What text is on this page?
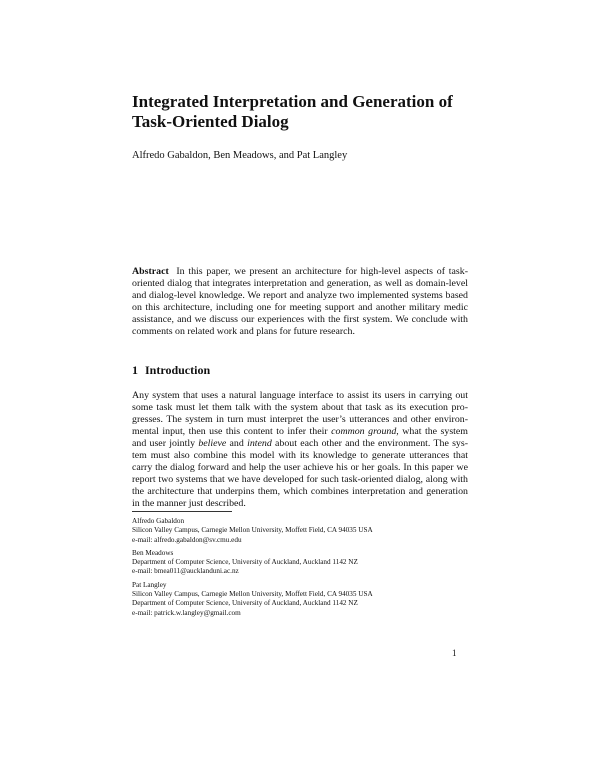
Integrated Interpretation and Generation of
Task-Oriented Dialog

Alfredo Gabaldon, Ben Meadows, and Pat Langley

Abstract In this paper, we present an architecture for high-level aspects of task-oriented dialog that integrates interpretation and generation, as well as domain-level and dialog-level knowledge. We report and analyze two implemented systems based on this architecture, including one for meeting support and another military medic assistance, and we discuss our experiences with the first system. We conclude with comments on related work and plans for future research.

1 Introduction
Any system that uses a natural language interface to assist its users in carrying out
some task must let them talk with the system about that task as its execution pro-
gresses. The system in turn must interpret the user’s utterances and other environ-
mental input, then use this content to infer their common ground, what the system
and user jointly believe and intend about each other and the environment. The sys-
tem must also combine this model with its knowledge to generate utterances that
carry the dialog forward and help the user achieve his or her goals. In this paper we
report two systems that we have developed for such task-oriented dialog, along with
the architecture that underpins them, which combines interpretation and generation
in the manner just described.
Alfredo Gabaldon
Silicon Valley Campus, Carnegie Mellon University, Moffett Field, CA 94035 USA
e-mail: alfredo.gabaldon@sv.cmu.edu
Ben Meadows
Department of Computer Science, University of Auckland, Auckland 1142 NZ
e-mail: bmea011@aucklanduni.ac.nz
Pat Langley
Silicon Valley Campus, Carnegie Mellon University, Moffett Field, CA 94035 USA
Department of Computer Science, University of Auckland, Auckland 1142 NZ
e-mail: patrick.w.langley@gmail.com

1
